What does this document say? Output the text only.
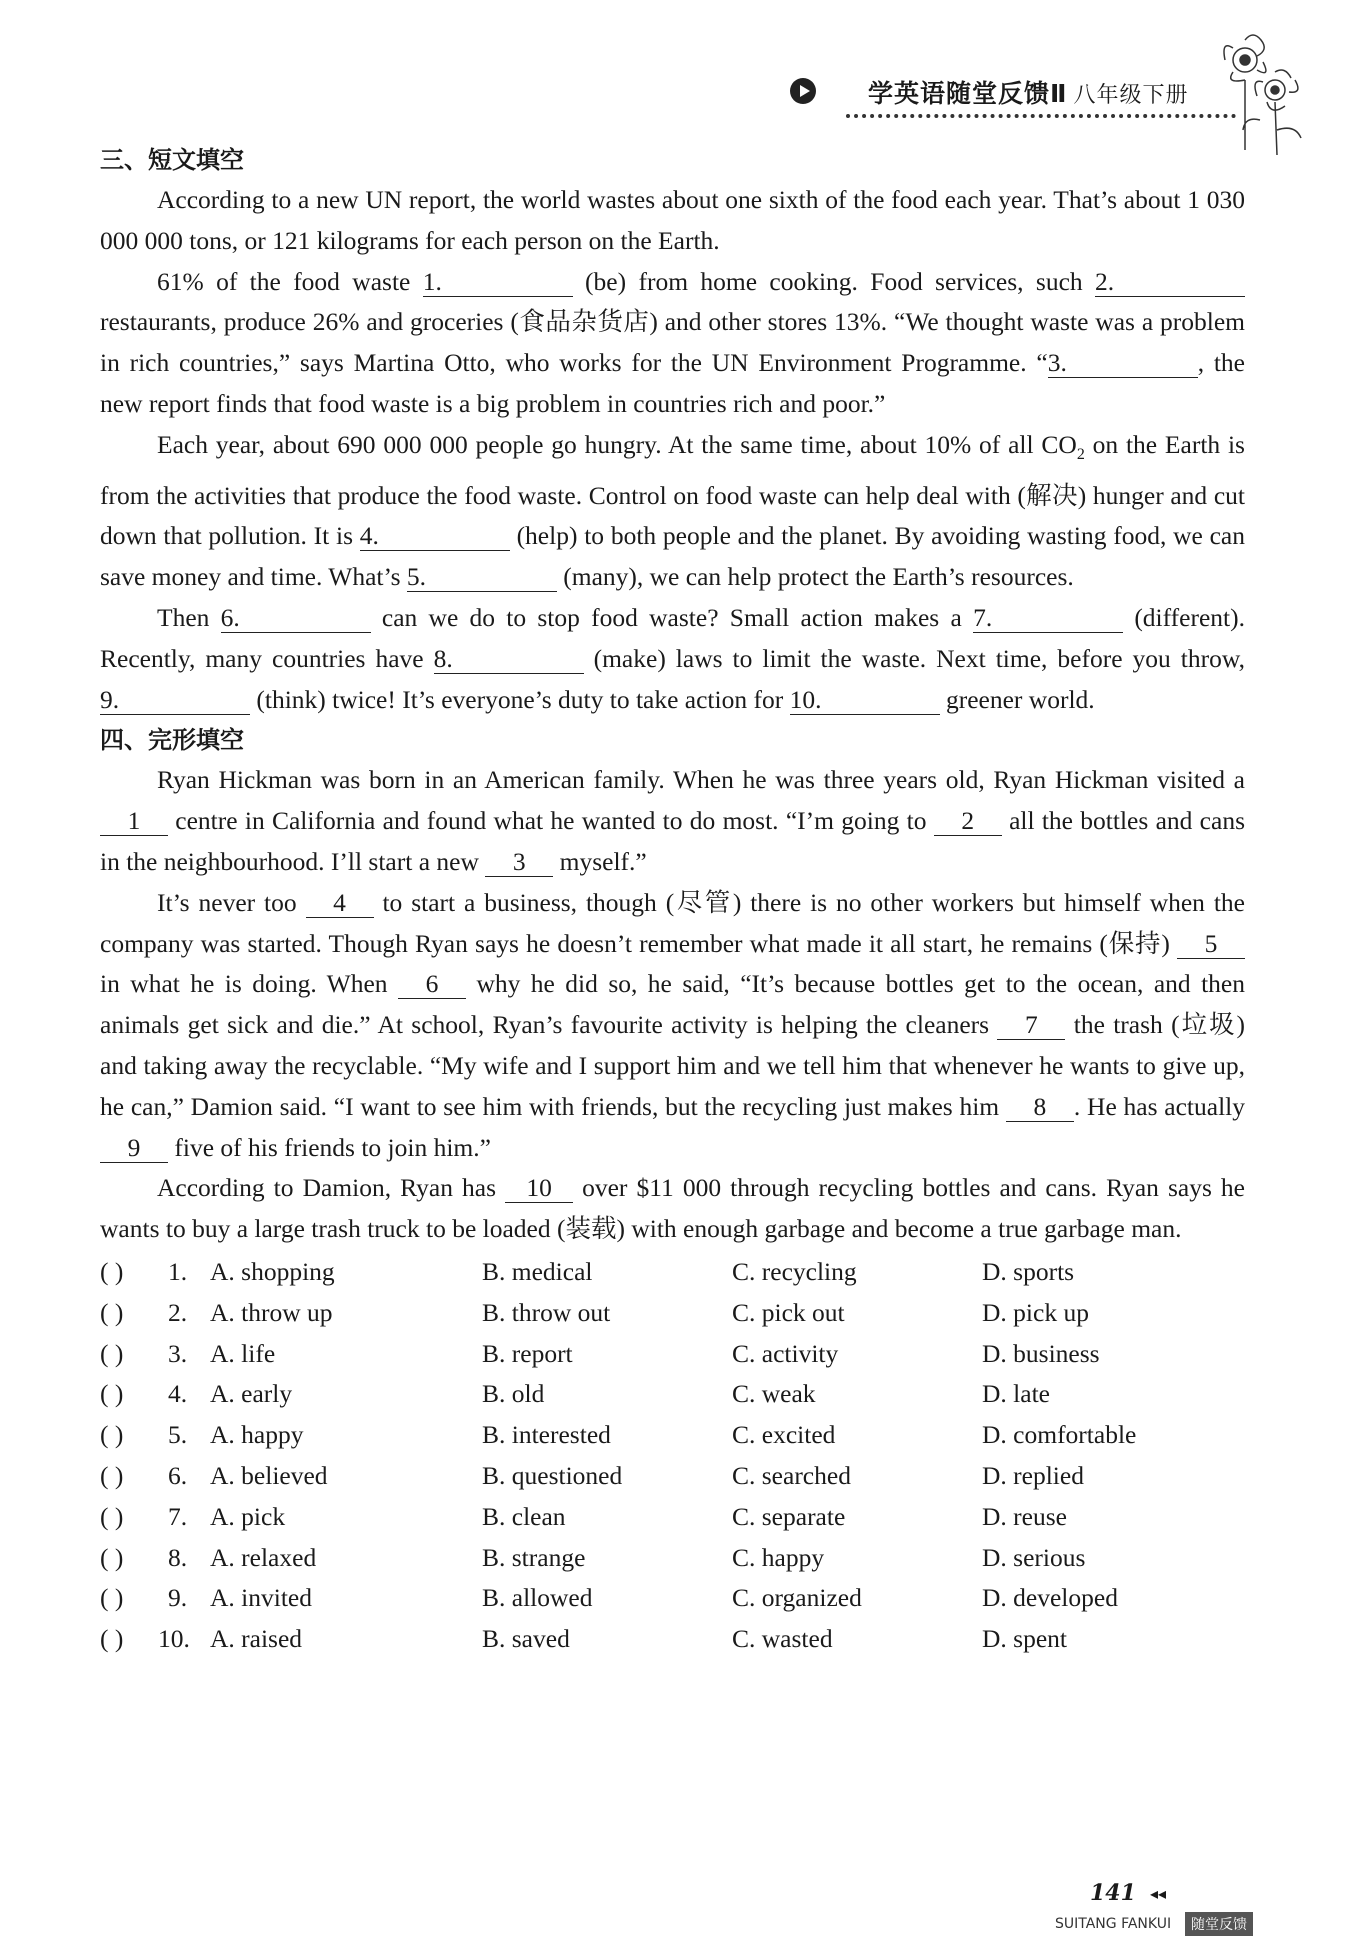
学英语随堂反馈Ⅱ 八年级下册
三、短文填空

According to a new UN report, the world wastes about one sixth of the food each year. That’s about 1 030 000 000 tons, or 121 kilograms for each person on the Earth.

61% of the food waste 1.	(be) from home cooking. Food services, such 2. restaurants, produce 26% and groceries (食品杂货店) and other stores 13%. “We thought waste was a problem in rich countries,” says Martina Otto, who works for the UN Environment Programme. “3.	, the new report finds that food waste is a big problem in countries rich and poor.”

Each year, about 690 000 000 people go hungry. At the same time, about 10% of all $CO_2$ on the Earth is from the activities that produce the food waste. Control on food waste can help deal with (解决) hunger and cut down that pollution. It is 4.	(help) to both people and the planet. By avoiding wasting food, we can save money and time. What’s 5.	(many), we can help protect the Earth’s resources.

Then 6.	can we do to stop food waste? Small action makes a 7.	(different). Recently, many countries have 8.	(make) laws to limit the waste. Next time, before you throw, 9.	(think) twice! It’s everyone’s duty to take action for 10.	greener world.

四、完形填空

Ryan Hickman was born in an American family. When he was three years old, Ryan Hickman visited a 1 centre in California and found what he wanted to do most. “I’m going to 2 all the bottles and cans in the neighbourhood. I’ll start a new 3 myself.”

It’s never too 4 to start a business, though (尽管) there is no other workers but himself when the company was started. Though Ryan says he doesn’t remember what made it all start, he remains (保持) 5 in what he is doing. When 6 why he did so, he said, “It’s because bottles get to the ocean, and then animals get sick and die.” At school, Ryan’s favourite activity is helping the cleaners 7 the trash (垃圾) and taking away the recyclable. “My wife and I support him and we tell him that whenever he wants to give up, he can,” Damion said. “I want to see him with friends, but the recycling just makes him 8 . He has actually 9 five of his friends to join him.”

According to Damion, Ryan has 10 over $11 000 through recycling bottles and cans. Ryan says he wants to buy a large trash truck to be loaded (装载) with enough garbage and become a true garbage man.

( ) 1. A. shopping	B. medical	C. recycling	D. sports
( ) 2. A. throw up	B. throw out	C. pick out	D. pick up
( ) 3. A. life	B. report	C. activity	D. business
( ) 4. A. early	B. old	C. weak	D. late
( ) 5. A. happy	B. interested	C. excited	D. comfortable
( ) 6. A. believed	B. questioned	C. searched	D. replied
( ) 7. A. pick	B. clean	C. separate	D. reuse
( ) 8. A. relaxed	B. strange	C. happy	D. serious
( ) 9. A. invited	B. allowed	C. organized	D. developed
( ) 10. A. raised	B. saved	C. wasted	D. spent
141 ◂◂
SUITANG FANKUI	随堂反馈
